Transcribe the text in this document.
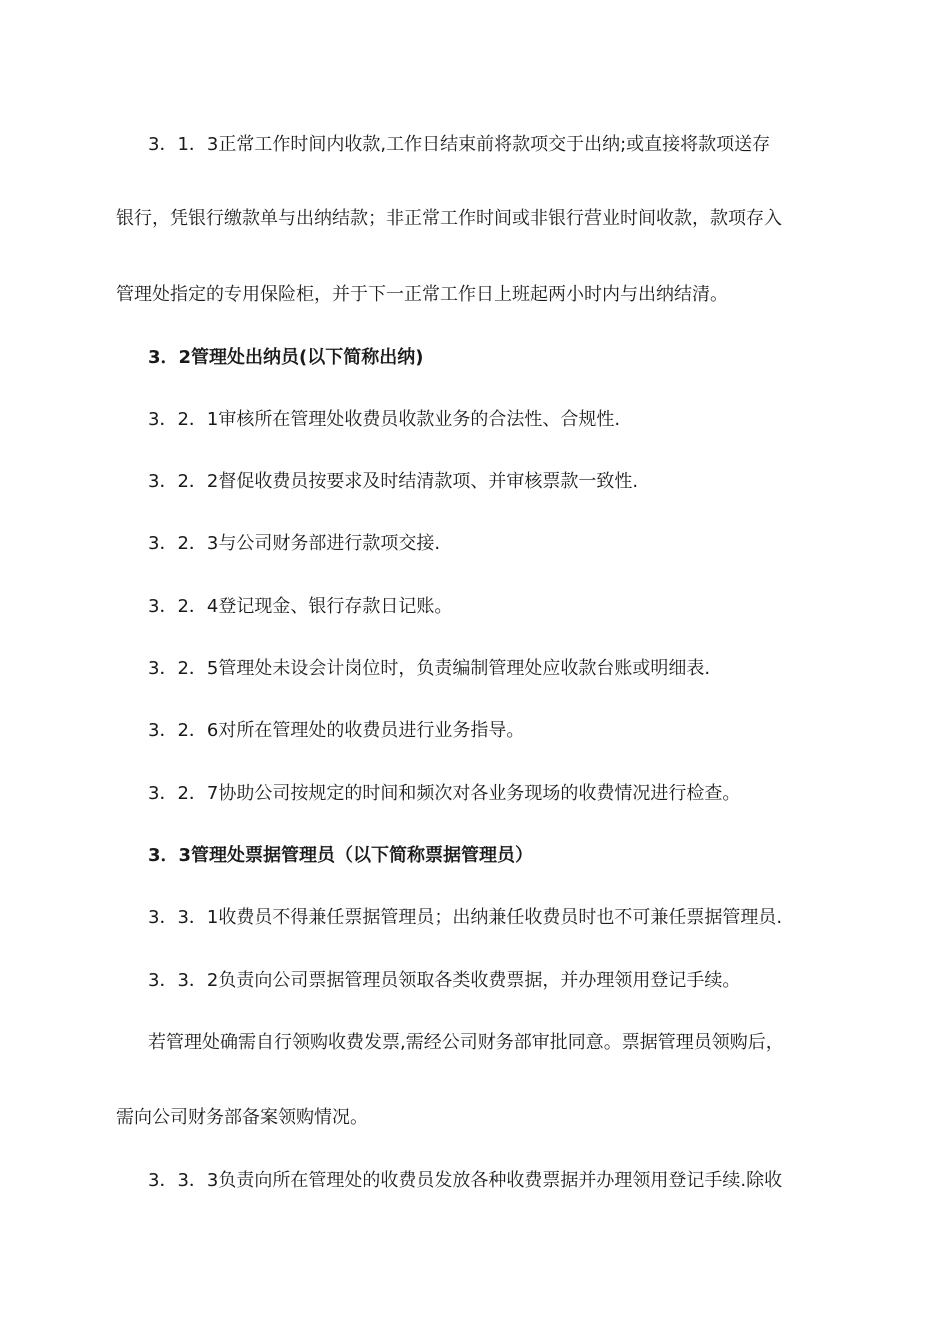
3．1．3正常工作时间内收款,工作日结束前将款项交于出纳;或直接将款项送存
银行，凭银行缴款单与出纳结款；非正常工作时间或非银行营业时间收款，款项存入
管理处指定的专用保险柜，并于下一正常工作日上班起两小时内与出纳结清。
3．2管理处出纳员(以下简称出纳)
3．2．1审核所在管理处收费员收款业务的合法性、合规性.
3．2．2督促收费员按要求及时结清款项、并审核票款一致性.
3．2．3与公司财务部进行款项交接.
3．2．4登记现金、银行存款日记账。
3．2．5管理处未设会计岗位时，负责编制管理处应收款台账或明细表.
3．2．6对所在管理处的收费员进行业务指导。
3．2．7协助公司按规定的时间和频次对各业务现场的收费情况进行检查。
3．3管理处票据管理员（以下简称票据管理员）
3．3．1收费员不得兼任票据管理员；出纳兼任收费员时也不可兼任票据管理员.
3．3．2负责向公司票据管理员领取各类收费票据，并办理领用登记手续。
若管理处确需自行领购收费发票,需经公司财务部审批同意。票据管理员领购后，
需向公司财务部备案领购情况。
3．3．3负责向所在管理处的收费员发放各种收费票据并办理领用登记手续.除收
